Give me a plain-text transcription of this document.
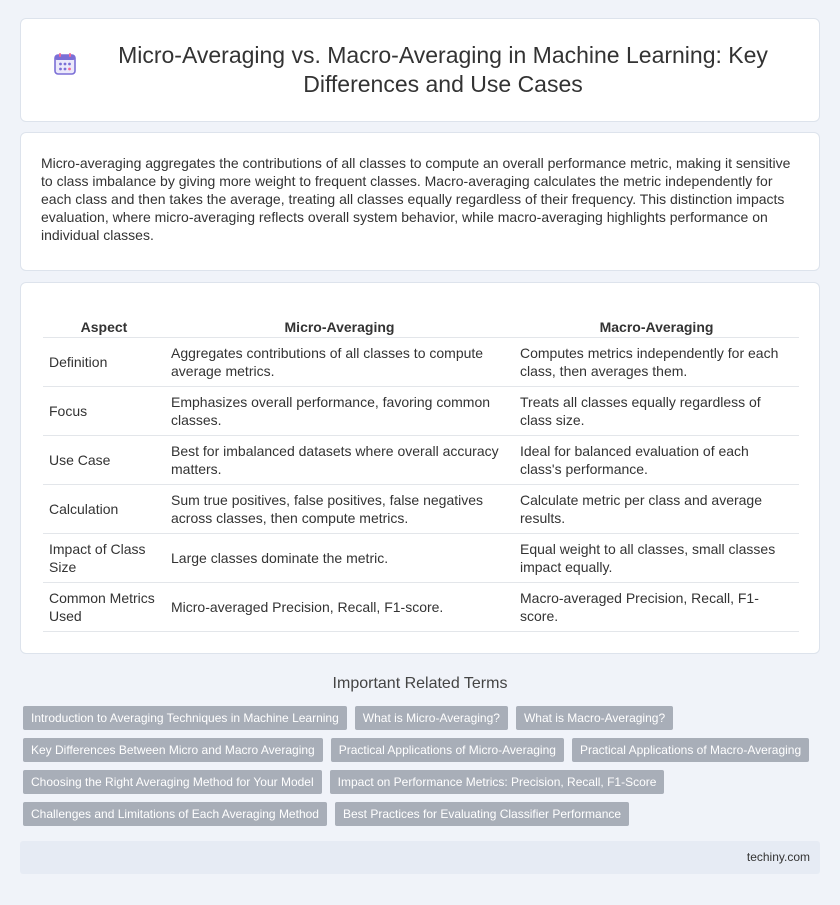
Micro-Averaging vs. Macro-Averaging in Machine Learning: Key Differences and Use Cases

Micro-averaging aggregates the contributions of all classes to compute an overall performance metric, making it sensitive to class imbalance by giving more weight to frequent classes. Macro-averaging calculates the metric independently for each class and then takes the average, treating all classes equally regardless of their frequency. This distinction impacts evaluation, where micro-averaging reflects overall system behavior, while macro-averaging highlights performance on individual classes.

Aspect	Micro-Averaging	Macro-Averaging
Definition	Aggregates contributions of all classes to compute average metrics.	Computes metrics independently for each class, then averages them.
Focus	Emphasizes overall performance, favoring common classes.	Treats all classes equally regardless of class size.
Use Case	Best for imbalanced datasets where overall accuracy matters.	Ideal for balanced evaluation of each class's performance.
Calculation	Sum true positives, false positives, false negatives across classes, then compute metrics.	Calculate metric per class and average results.
Impact of Class Size	Large classes dominate the metric.	Equal weight to all classes, small classes impact equally.
Common Metrics Used	Micro-averaged Precision, Recall, F1-score.	Macro-averaged Precision, Recall, F1-score.
Important Related Terms
Introduction to Averaging Techniques in Machine Learning	What is Micro-Averaging?	What is Macro-Averaging?
Key Differences Between Micro and Macro Averaging	Practical Applications of Micro-Averaging	Practical Applications of Macro-Averaging
Choosing the Right Averaging Method for Your Model	Impact on Performance Metrics: Precision, Recall, F1-Score
Challenges and Limitations of Each Averaging Method	Best Practices for Evaluating Classifier Performance
techiny.com
